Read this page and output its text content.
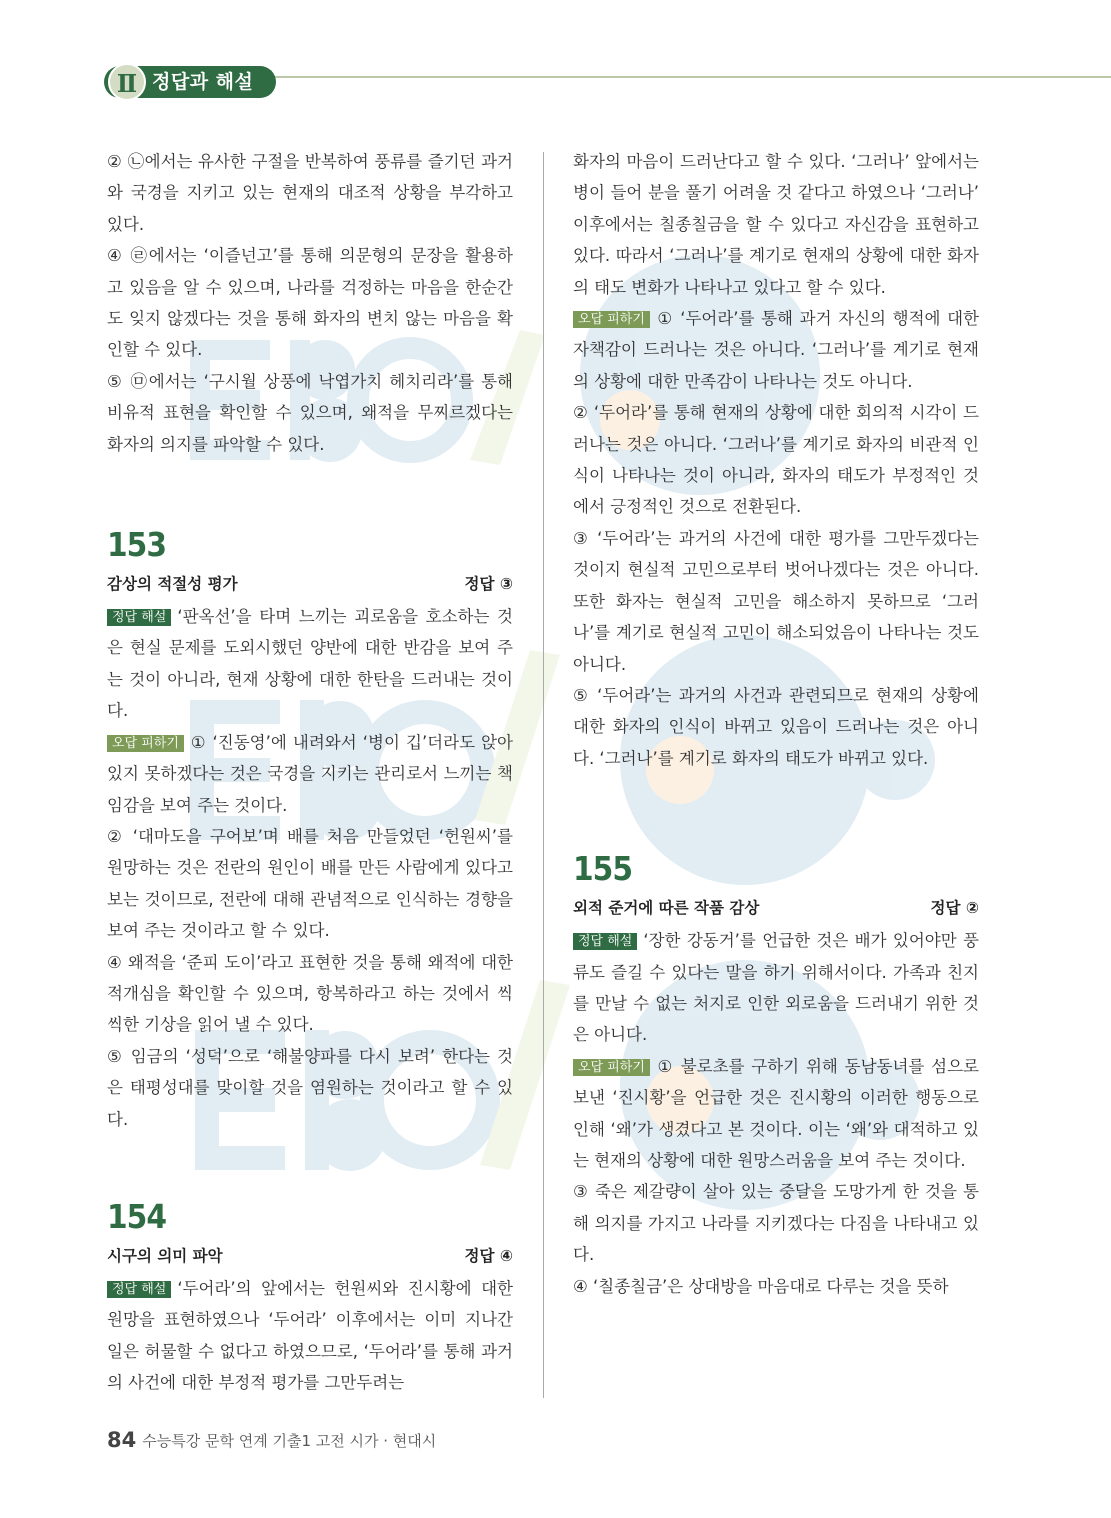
Ⅱ 정답과 해설

② ㉡에서는 유사한 구절을 반복하여 풍류를 즐기던 과거와 국경을 지키고 있는 현재의 대조적 상황을 부각하고 있다.

④ ㉣에서는 ‘이즐넌고’를 통해 의문형의 문장을 활용하고 있음을 알 수 있으며, 나라를 걱정하는 마음을 한순간도 잊지 않겠다는 것을 통해 화자의 변치 않는 마음을 확인할 수 있다.

⑤ ㉤에서는 ‘구시월 상풍에 낙엽가치 헤치리라’를 통해 비유적 표현을 확인할 수 있으며, 왜적을 무찌르겠다는 화자의 의지를 파악할 수 있다.

153
감상의 적절성 평가	정답 ③

정답 해설 ‘판옥선’을 타며 느끼는 괴로움을 호소하는 것은 현실 문제를 도외시했던 양반에 대한 반감을 보여 주는 것이 아니라, 현재 상황에 대한 한탄을 드러내는 것이다.

오답 피하기 ① ‘진동영’에 내려와서 ‘병이 깁’더라도 앉아 있지 못하겠다는 것은 국경을 지키는 관리로서 느끼는 책임감을 보여 주는 것이다.

② ‘대마도을 구어보’며 배를 처음 만들었던 ‘헌원씨’를 원망하는 것은 전란의 원인이 배를 만든 사람에게 있다고 보는 것이므로, 전란에 대해 관념적으로 인식하는 경향을 보여 주는 것이라고 할 수 있다.

④ 왜적을 ‘준피 도이’라고 표현한 것을 통해 왜적에 대한 적개심을 확인할 수 있으며, 항복하라고 하는 것에서 씩씩한 기상을 읽어 낼 수 있다.

⑤ 임금의 ‘성덕’으로 ‘해불양파를 다시 보려’ 한다는 것은 태평성대를 맞이할 것을 염원하는 것이라고 할 수 있다.

154
시구의 의미 파악	정답 ④

정답 해설 ‘두어라’의 앞에서는 헌원씨와 진시황에 대한 원망을 표현하였으나 ‘두어라’ 이후에서는 이미 지나간 일은 허물할 수 없다고 하였으므로, ‘두어라’를 통해 과거의 사건에 대한 부정적 평가를 그만두려는

화자의 마음이 드러난다고 할 수 있다. ‘그러나’ 앞에서는 병이 들어 분을 풀기 어려울 것 같다고 하였으나 ‘그러나’ 이후에서는 칠종칠금을 할 수 있다고 자신감을 표현하고 있다. 따라서 ‘그러나’를 계기로 현재의 상황에 대한 화자의 태도 변화가 나타나고 있다고 할 수 있다.

오답 피하기 ① ‘두어라’를 통해 과거 자신의 행적에 대한 자책감이 드러나는 것은 아니다. ‘그러나’를 계기로 현재의 상황에 대한 만족감이 나타나는 것도 아니다.

② ‘두어라’를 통해 현재의 상황에 대한 회의적 시각이 드러나는 것은 아니다. ‘그러나’를 계기로 화자의 비관적 인식이 나타나는 것이 아니라, 화자의 태도가 부정적인 것에서 긍정적인 것으로 전환된다.

③ ‘두어라’는 과거의 사건에 대한 평가를 그만두겠다는 것이지 현실적 고민으로부터 벗어나겠다는 것은 아니다. 또한 화자는 현실적 고민을 해소하지 못하므로 ‘그러나’를 계기로 현실적 고민이 해소되었음이 나타나는 것도 아니다.

⑤ ‘두어라’는 과거의 사건과 관련되므로 현재의 상황에 대한 화자의 인식이 바뀌고 있음이 드러나는 것은 아니다. ‘그러나’를 계기로 화자의 태도가 바뀌고 있다.

155
외적 준거에 따른 작품 감상	정답 ②

정답 해설 ‘장한 강동거’를 언급한 것은 배가 있어야만 풍류도 즐길 수 있다는 말을 하기 위해서이다. 가족과 친지를 만날 수 없는 처지로 인한 외로움을 드러내기 위한 것은 아니다.

오답 피하기 ① 불로초를 구하기 위해 동남동녀를 섬으로 보낸 ‘진시황’을 언급한 것은 진시황의 이러한 행동으로 인해 ‘왜’가 생겼다고 본 것이다. 이는 ‘왜’와 대적하고 있는 현재의 상황에 대한 원망스러움을 보여 주는 것이다.

③ 죽은 제갈량이 살아 있는 중달을 도망가게 한 것을 통해 의지를 가지고 나라를 지키겠다는 다짐을 나타내고 있다.

④ ‘칠종칠금’은 상대방을 마음대로 다루는 것을 뜻하

84 수능특강 문학 연계 기출1 고전 시가 · 현대시
